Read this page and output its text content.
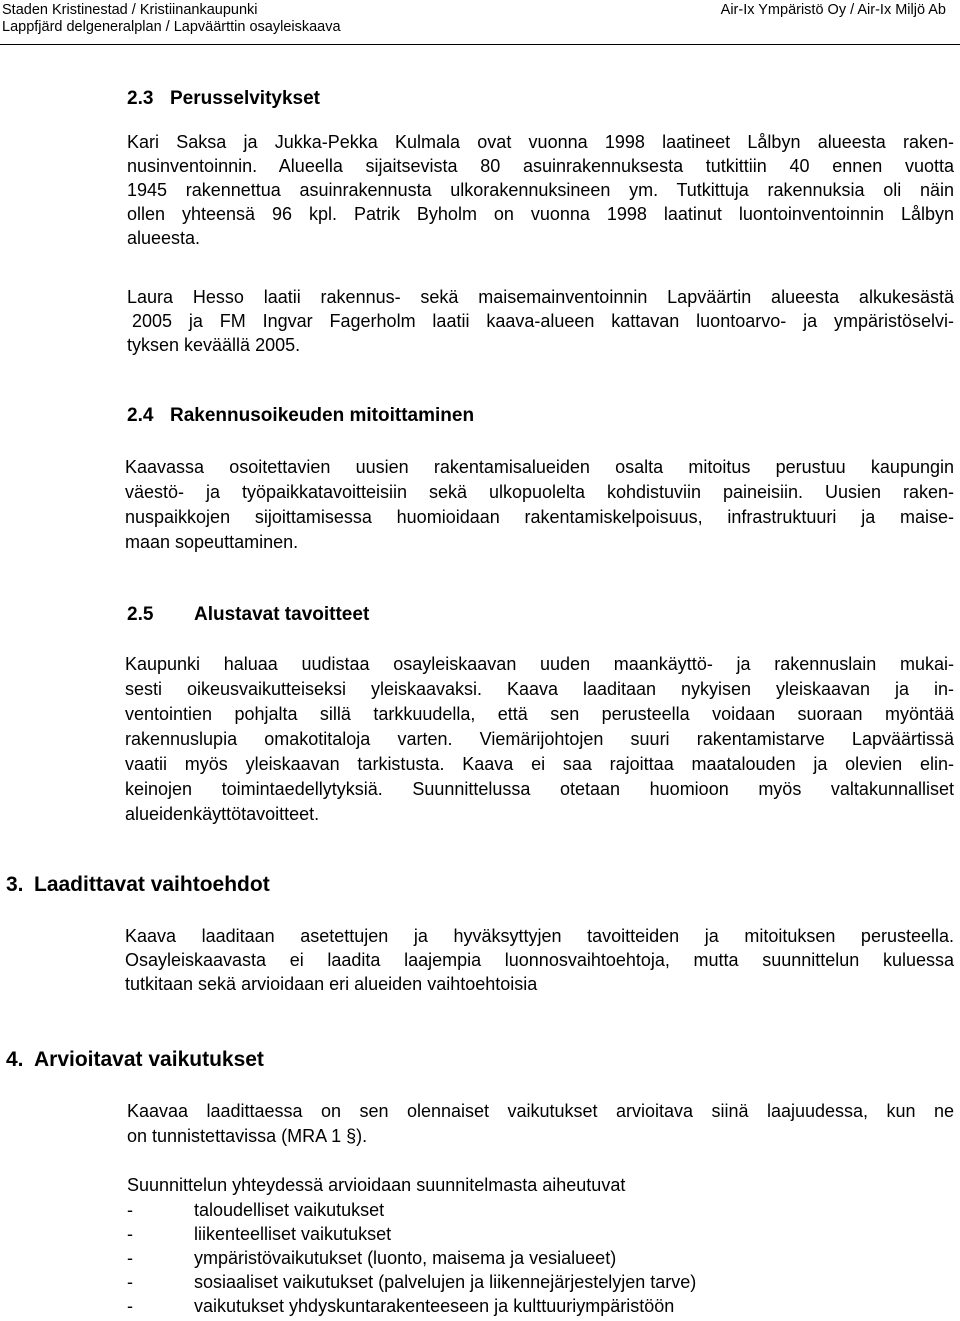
Staden Kristinestad / Kristiinankaupunki
Lappfjärd delgeneralplan / Lapväärttin osayleiskaava
Air-Ix Ympäristö Oy / Air-Ix Miljö Ab
2.3 Perusselvitykset
Kari Saksa ja Jukka-Pekka Kulmala ovat vuonna 1998 laatineet Lålbyn alueesta raken-
nusinventoinnin. Alueella sijaitsevista 80 asuinrakennuksesta tutkittiin 40 ennen vuotta
1945 rakennettua asuinrakennusta ulkorakennuksineen ym. Tutkittuja rakennuksia oli näin
ollen yhteensä 96 kpl. Patrik Byholm on vuonna 1998 laatinut luontoinventoinnin Lålbyn
alueesta.
Laura Hesso laatii rakennus- sekä maisemainventoinnin Lapväärtin alueesta alkukesästä
2005 ja FM Ingvar Fagerholm laatii kaava-alueen kattavan luontoarvo- ja ympäristöselvi-
tyksen keväällä 2005.
2.4 Rakennusoikeuden mitoittaminen
Kaavassa osoitettavien uusien rakentamisalueiden osalta mitoitus perustuu kaupungin
väestö- ja työpaikkatavoitteisiin sekä ulkopuolelta kohdistuviin paineisiin. Uusien raken-
nuspaikkojen sijoittamisessa huomioidaan rakentamiskelpoisuus, infrastruktuuri ja maise-
maan sopeuttaminen.
2.5 Alustavat tavoitteet
Kaupunki haluaa uudistaa osayleiskaavan uuden maankäyttö- ja rakennuslain mukai-
sesti oikeusvaikutteiseksi yleiskaavaksi. Kaava laaditaan nykyisen yleiskaavan ja in-
ventointien pohjalta sillä tarkkuudella, että sen perusteella voidaan suoraan myöntää
rakennuslupia omakotitaloja varten. Viemärijohtojen suuri rakentamistarve Lapväärtissä
vaatii myös yleiskaavan tarkistusta. Kaava ei saa rajoittaa maatalouden ja olevien elin-
keinojen toimintaedellytyksiä. Suunnittelussa otetaan huomioon myös valtakunnalliset
alueidenkäyttötavoitteet.
3. Laadittavat vaihtoehdot
Kaava laaditaan asetettujen ja hyväksyttyjen tavoitteiden ja mitoituksen perusteella.
Osayleiskaavasta ei laadita laajempia luonnosvaihtoehtoja, mutta suunnittelun kuluessa
tutkitaan sekä arvioidaan eri alueiden vaihtoehtoisia
4. Arvioitavat vaikutukset
Kaavaa laadittaessa on sen olennaiset vaikutukset arvioitava siinä laajuudessa, kun ne
on tunnistettavissa (MRA 1 §).
Suunnittelun yhteydessä arvioidaan suunnitelmasta aiheutuvat
-	taloudelliset vaikutukset
-	liikenteelliset vaikutukset
-	ympäristövaikutukset (luonto, maisema ja vesialueet)
-	sosiaaliset vaikutukset (palvelujen ja liikennejärjestelyjen tarve)
-	vaikutukset yhdyskuntarakenteeseen ja kulttuuriympäristöön
